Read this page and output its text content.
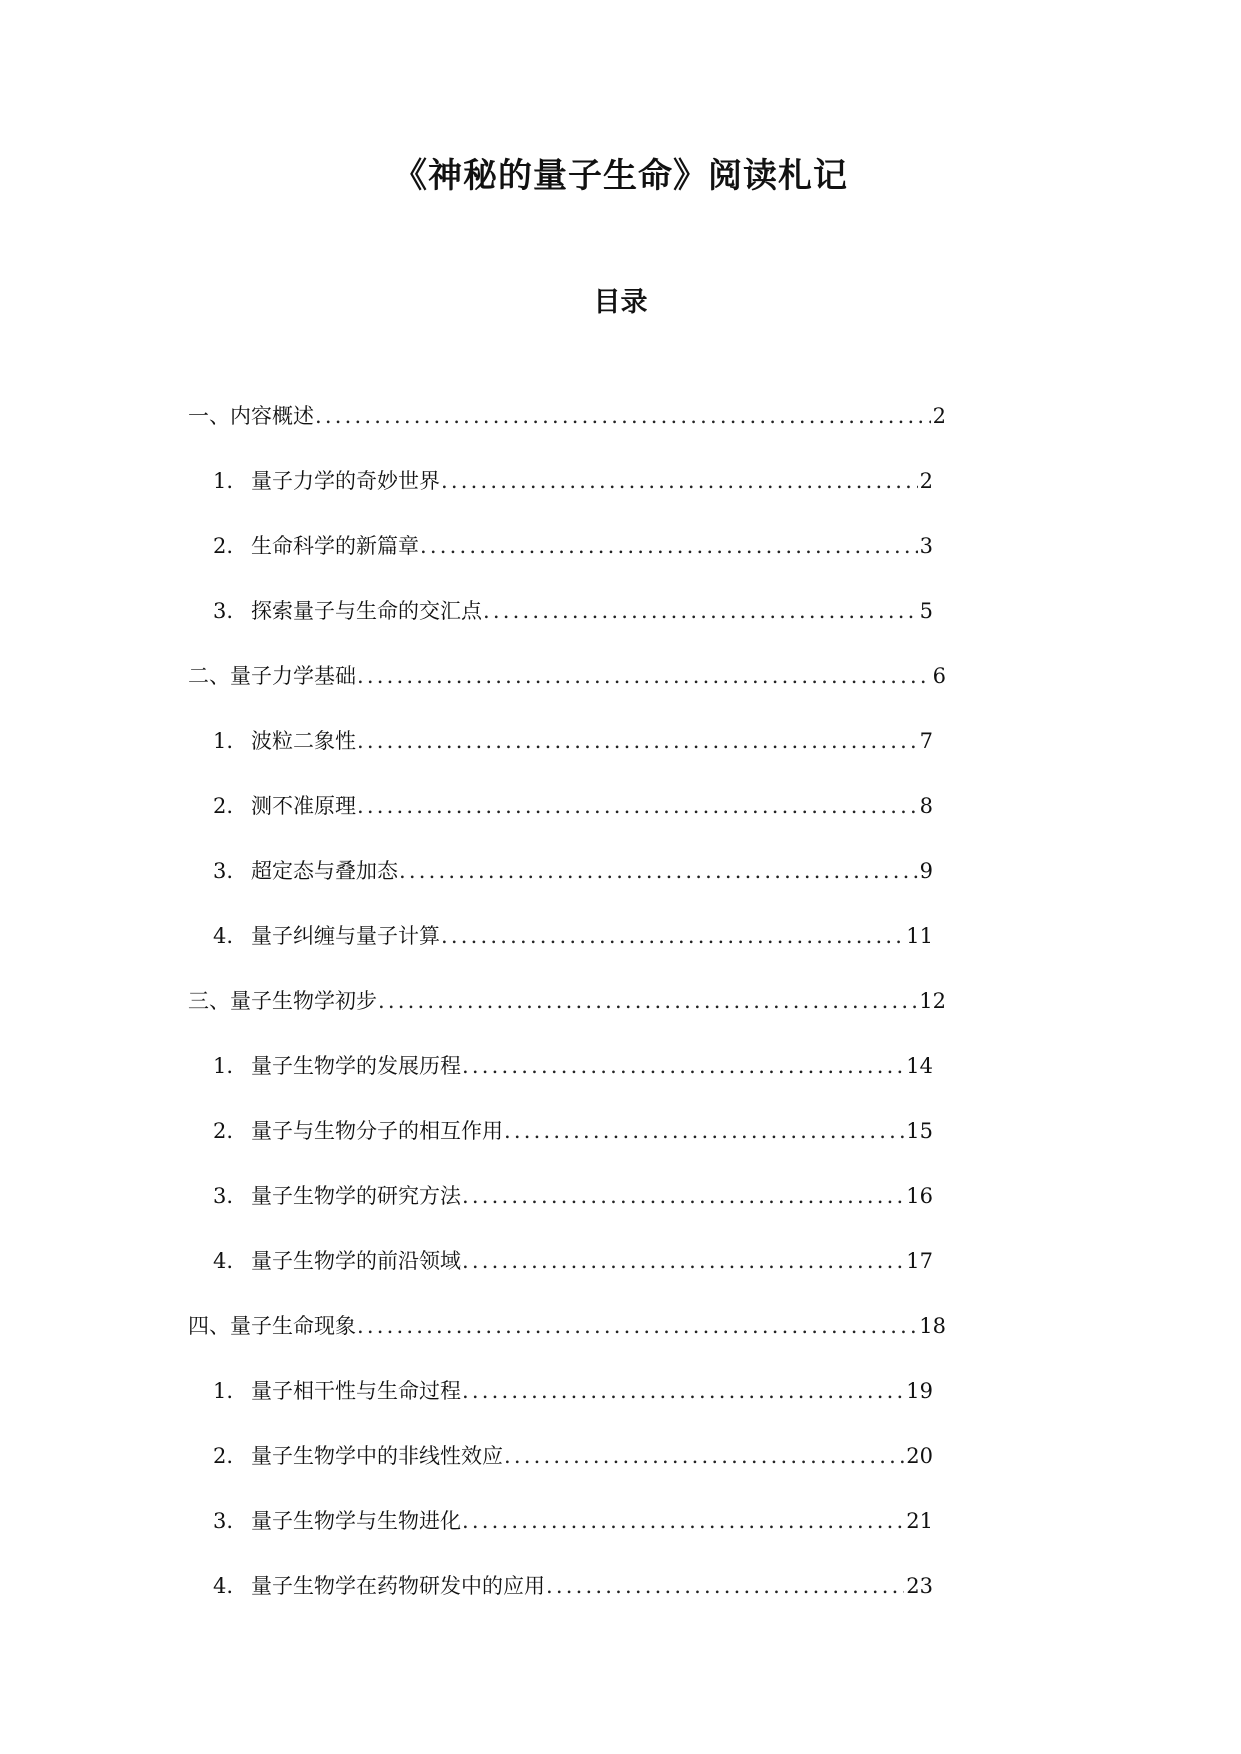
《神秘的量子生命》阅读札记
目录
一、内容概述 .....	2
1. 量子力学的奇妙世界 .....	2
2. 生命科学的新篇章 .....	3
3. 探索量子与生命的交汇点 .....	5
二、量子力学基础 .....	6
1. 波粒二象性 .....	7
2. 测不准原理 .....	8
3. 超定态与叠加态 .....	9
4. 量子纠缠与量子计算 .....	11
三、量子生物学初步 .....	12
1. 量子生物学的发展历程 .....	14
2. 量子与生物分子的相互作用 .....	15
3. 量子生物学的研究方法 .....	16
4. 量子生物学的前沿领域 .....	17
四、量子生命现象 .....	18
1. 量子相干性与生命过程 .....	19
2. 量子生物学中的非线性效应 .....	20
3. 量子生物学与生物进化 .....	21
4. 量子生物学在药物研发中的应用 .....	23
